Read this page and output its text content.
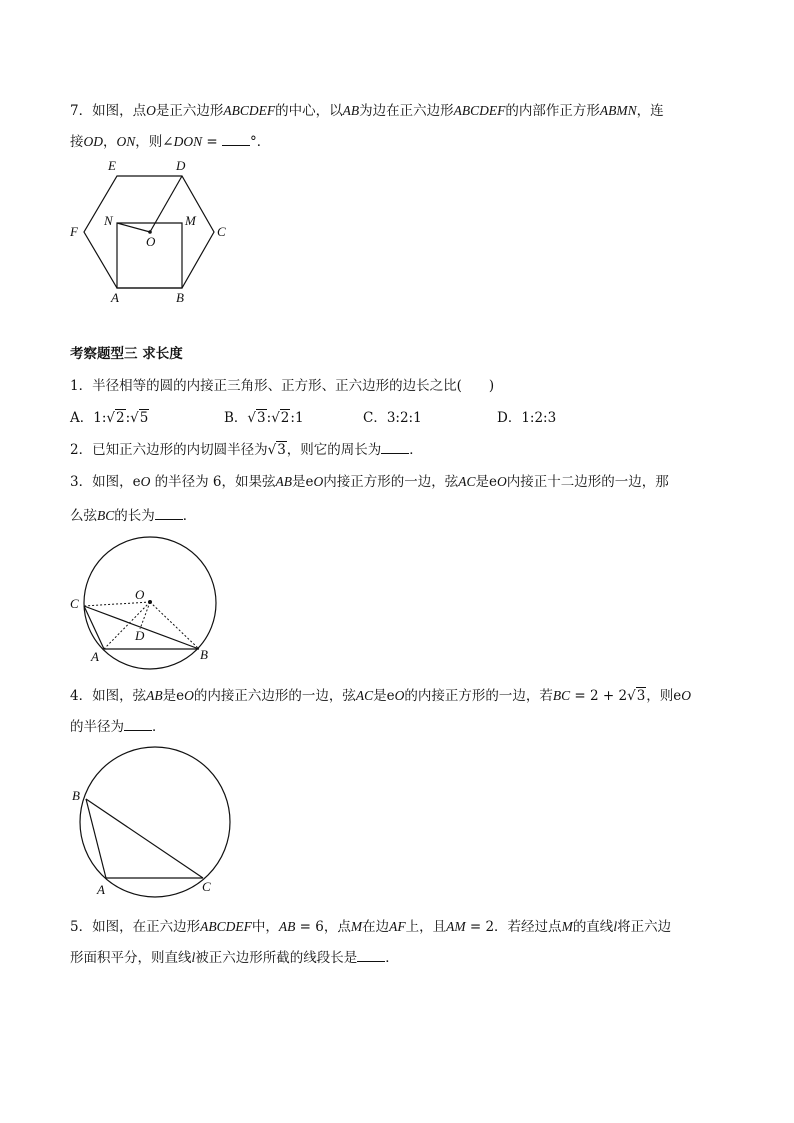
7．如图，点O是正六边形ABCDEF的中心，以AB为边在正六边形ABCDEF的内部作正方形ABMN，连
接OD，ON，则∠DON = °．
E	D
F	C
N	M
O
A	B
考察题型三 求长度
1．半径相等的圆的内接正三角形、正方形、正六边形的边长之比(　　)
A．1:√2:√5	B．√3:√2:1	C．3:2:1	D．1:2:3
2．已知正六边形的内切圆半径为√3，则它的周长为 ．
3．如图，eO 的半径为 6，如果弦AB是eO内接正方形的一边，弦AC是eO内接正十二边形的一边，那
么弦BC的长为 ．
O
C
D
A	B
4．如图，弦AB是eO的内接正六边形的一边，弦AC是eO的内接正方形的一边，若BC = 2 + 2√3，则eO
的半径为 ．
B
A	C
5．如图，在正六边形ABCDEF中，AB = 6，点M在边AF上，且AM = 2．若经过点M的直线l将正六边
形面积平分，则直线l被正六边形所截的线段长是 ．
